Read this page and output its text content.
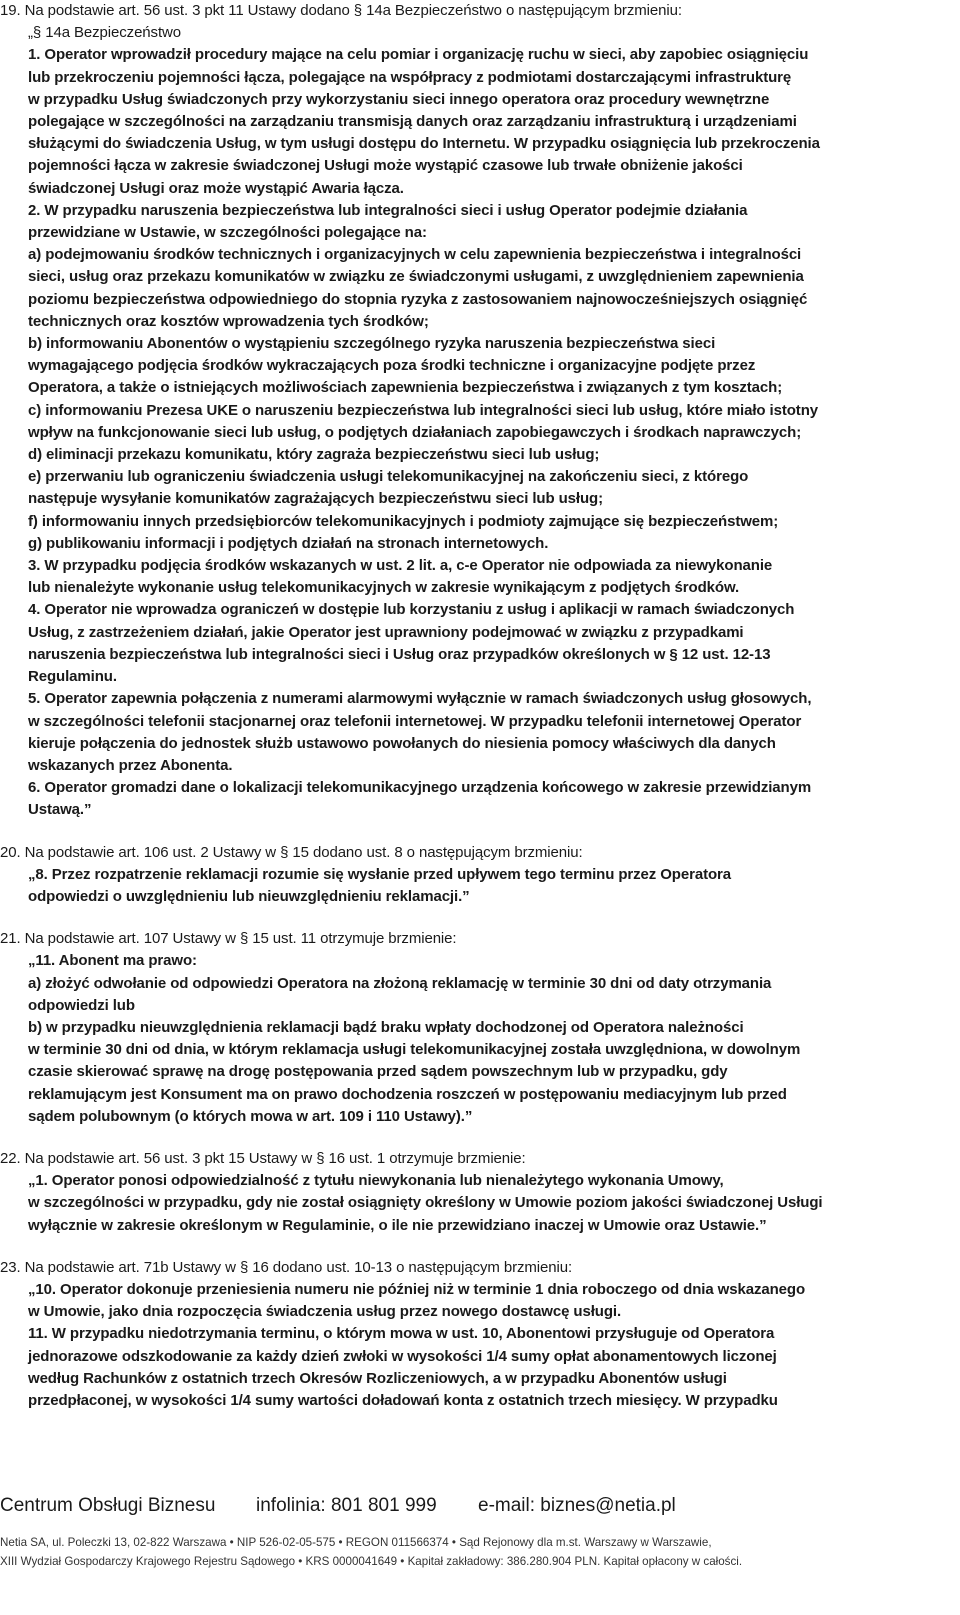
19. Na podstawie art. 56 ust. 3 pkt 11 Ustawy dodano § 14a Bezpieczeństwo o następującym brzmieniu:
„§ 14a Bezpieczeństwo
1. Operator wprowadził procedury mające na celu pomiar i organizację ruchu w sieci, aby zapobiec osiągnięciu
lub przekroczeniu pojemności łącza, polegające na współpracy z podmiotami dostarczającymi infrastrukturę
w przypadku Usług świadczonych przy wykorzystaniu sieci innego operatora oraz procedury wewnętrzne
polegające w szczególności na zarządzaniu transmisją danych oraz zarządzaniu infrastrukturą i urządzeniami
służącymi do świadczenia Usług, w tym usługi dostępu do Internetu. W przypadku osiągnięcia lub przekroczenia
pojemności łącza w zakresie świadczonej Usługi może wystąpić czasowe lub trwałe obniżenie jakości
świadczonej Usługi oraz może wystąpić Awaria łącza.
2. W przypadku naruszenia bezpieczeństwa lub integralności sieci i usług Operator podejmie działania
przewidziane w Ustawie, w szczególności polegające na:
a) podejmowaniu środków technicznych i organizacyjnych w celu zapewnienia bezpieczeństwa i integralności
sieci, usług oraz przekazu komunikatów w związku ze świadczonymi usługami, z uwzględnieniem zapewnienia
poziomu bezpieczeństwa odpowiedniego do stopnia ryzyka z zastosowaniem najnowocześniejszych osiągnięć
technicznych oraz kosztów wprowadzenia tych środków;
b) informowaniu Abonentów o wystąpieniu szczególnego ryzyka naruszenia bezpieczeństwa sieci
wymagającego podjęcia środków wykraczających poza środki techniczne i organizacyjne podjęte przez
Operatora, a także o istniejących możliwościach zapewnienia bezpieczeństwa i związanych z tym kosztach;
c) informowaniu Prezesa UKE o naruszeniu bezpieczeństwa lub integralności sieci lub usług, które miało istotny
wpływ na funkcjonowanie sieci lub usług, o podjętych działaniach zapobiegawczych i środkach naprawczych;
d) eliminacji przekazu komunikatu, który zagraża bezpieczeństwu sieci lub usług;
e) przerwaniu lub ograniczeniu świadczenia usługi telekomunikacyjnej na zakończeniu sieci, z którego
następuje wysyłanie komunikatów zagrażających bezpieczeństwu sieci lub usług;
f) informowaniu innych przedsiębiorców telekomunikacyjnych i podmioty zajmujące się bezpieczeństwem;
g) publikowaniu informacji i podjętych działań na stronach internetowych.
3. W przypadku podjęcia środków wskazanych w ust. 2 lit. a, c-e Operator nie odpowiada za niewykonanie
lub nienależyte wykonanie usług telekomunikacyjnych w zakresie wynikającym z podjętych środków.
4. Operator nie wprowadza ograniczeń w dostępie lub korzystaniu z usług i aplikacji w ramach świadczonych
Usług, z zastrzeżeniem działań, jakie Operator jest uprawniony podejmować w związku z przypadkami
naruszenia bezpieczeństwa lub integralności sieci i Usług oraz przypadków określonych w § 12 ust. 12-13
Regulaminu.
5. Operator zapewnia połączenia z numerami alarmowymi wyłącznie w ramach świadczonych usług głosowych,
w szczególności telefonii stacjonarnej oraz telefonii internetowej. W przypadku telefonii internetowej Operator
kieruje połączenia do jednostek służb ustawowo powołanych do niesienia pomocy właściwych dla danych
wskazanych przez Abonenta.
6. Operator gromadzi dane o lokalizacji telekomunikacyjnego urządzenia końcowego w zakresie przewidzianym
Ustawą.”
20. Na podstawie art. 106 ust. 2 Ustawy w § 15 dodano ust. 8 o następującym brzmieniu:
„8. Przez rozpatrzenie reklamacji rozumie się wysłanie przed upływem tego terminu przez Operatora
odpowiedzi o uwzględnieniu lub nieuwzględnieniu reklamacji.”
21. Na podstawie art. 107 Ustawy w § 15 ust. 11 otrzymuje brzmienie:
„11. Abonent ma prawo:
a) złożyć odwołanie od odpowiedzi Operatora na złożoną reklamację w terminie 30 dni od daty otrzymania
odpowiedzi lub
b) w przypadku nieuwzględnienia reklamacji bądź braku wpłaty dochodzonej od Operatora należności
w terminie 30 dni od dnia, w którym reklamacja usługi telekomunikacyjnej została uwzględniona, w dowolnym
czasie skierować sprawę na drogę postępowania przed sądem powszechnym lub w przypadku, gdy
reklamującym jest Konsument ma on prawo dochodzenia roszczeń w postępowaniu mediacyjnym lub przed
sądem polubownym (o których mowa w art. 109 i 110 Ustawy).”
22. Na podstawie art. 56 ust. 3 pkt 15 Ustawy w § 16 ust. 1 otrzymuje brzmienie:
„1. Operator ponosi odpowiedzialność z tytułu niewykonania lub nienależytego wykonania Umowy,
w szczególności w przypadku, gdy nie został osiągnięty określony w Umowie poziom jakości świadczonej Usługi
wyłącznie w zakresie określonym w Regulaminie, o ile nie przewidziano inaczej w Umowie oraz Ustawie.”
23. Na podstawie art. 71b Ustawy w § 16 dodano ust. 10-13 o następującym brzmieniu:
„10. Operator dokonuje przeniesienia numeru nie później niż w terminie 1 dnia roboczego od dnia wskazanego
w Umowie, jako dnia rozpoczęcia świadczenia usług przez nowego dostawcę usługi.
11. W przypadku niedotrzymania terminu, o którym mowa w ust. 10, Abonentowi przysługuje od Operatora
jednorazowe odszkodowanie za każdy dzień zwłoki w wysokości 1/4 sumy opłat abonamentowych liczonej
według Rachunków z ostatnich trzech Okresów Rozliczeniowych, a w przypadku Abonentów usługi
przedpłaconej, w wysokości 1/4 sumy wartości doładowań konta z ostatnich trzech miesięcy. W przypadku
Centrum Obsługi Biznesu infolinia: 801 801 999 e-mail: biznes@netia.pl
Netia SA, ul. Poleczki 13, 02-822 Warszawa • NIP 526-02-05-575 • REGON 011566374 • Sąd Rejonowy dla m.st. Warszawy w Warszawie,
XIII Wydział Gospodarczy Krajowego Rejestru Sądowego • KRS 0000041649 • Kapitał zakładowy: 386.280.904 PLN. Kapitał opłacony w całości.
